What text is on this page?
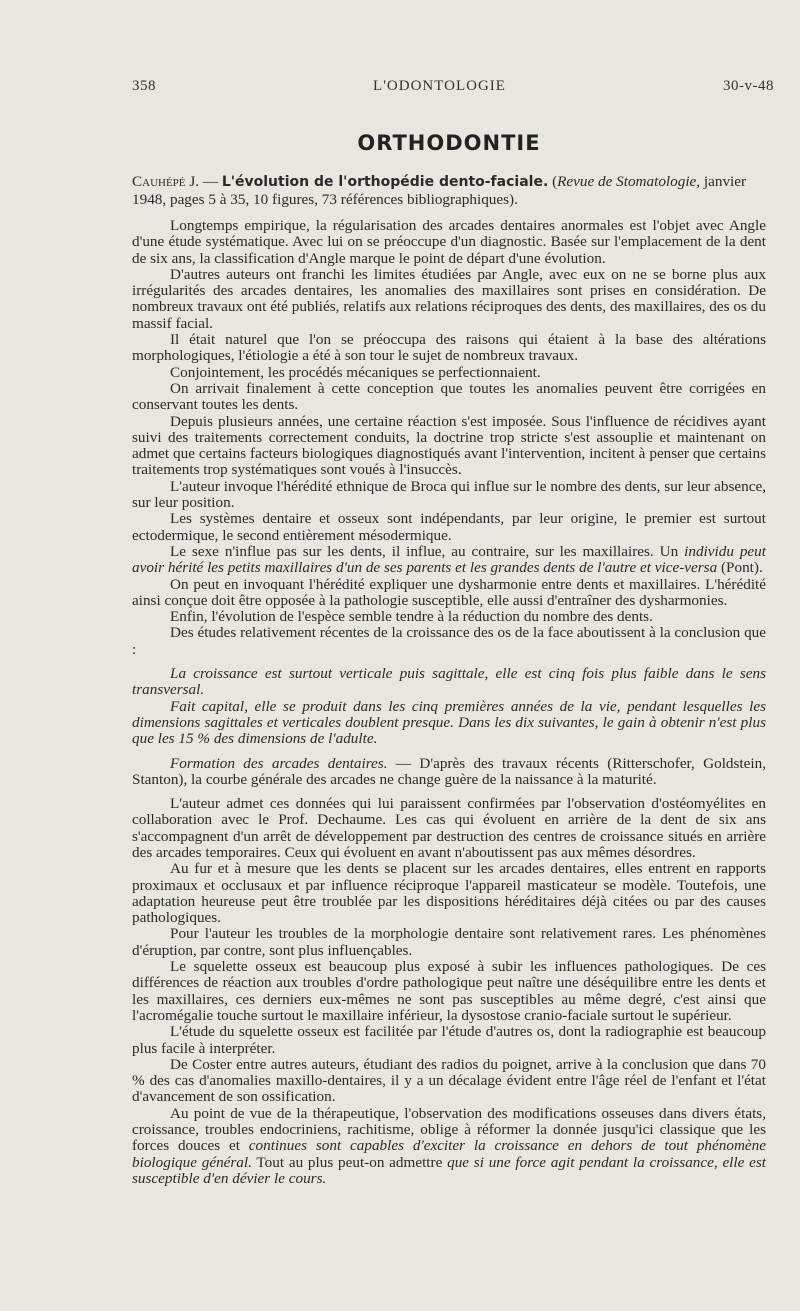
358	L'ODONTOLOGIE	30-v-48
ORTHODONTIE
Cauhépé J. — L'évolution de l'orthopédie dento-faciale. (Revue de Stomatologie, janvier 1948, pages 5 à 35, 10 figures, 73 références bibliographiques).

Longtemps empirique, la régularisation des arcades dentaires anormales est l'objet avec Angle d'une étude systématique. Avec lui on se préoccupe d'un diagnostic. Basée sur l'emplacement de la dent de six ans, la classification d'Angle marque le point de départ d'une évolution.

D'autres auteurs ont franchi les limites étudiées par Angle, avec eux on ne se borne plus aux irrégularités des arcades dentaires, les anomalies des maxillaires sont prises en considération. De nombreux travaux ont été publiés, relatifs aux relations réciproques des dents, des maxillaires, des os du massif facial.

Il était naturel que l'on se préoccupa des raisons qui étaient à la base des altérations morphologiques, l'étiologie a été à son tour le sujet de nombreux travaux.

Conjointement, les procédés mécaniques se perfectionnaient.

On arrivait finalement à cette conception que toutes les anomalies peuvent être corrigées en conservant toutes les dents.

Depuis plusieurs années, une certaine réaction s'est imposée. Sous l'influence de récidives ayant suivi des traitements correctement conduits, la doctrine trop stricte s'est assouplie et maintenant on admet que certains facteurs biologiques diagnostiqués avant l'intervention, incitent à penser que certains traitements trop systématiques sont voués à l'insuccès.

L'auteur invoque l'hérédité ethnique de Broca qui influe sur le nombre des dents, sur leur absence, sur leur position.

Les systèmes dentaire et osseux sont indépendants, par leur origine, le premier est surtout ectodermique, le second entièrement mésodermique.

Le sexe n'influe pas sur les dents, il influe, au contraire, sur les maxillaires. Un individu peut avoir hérité les petits maxillaires d'un de ses parents et les grandes dents de l'autre et vice-versa (Pont).

On peut en invoquant l'hérédité expliquer une dysharmonie entre dents et maxillaires. L'hérédité ainsi conçue doit être opposée à la pathologie susceptible, elle aussi d'entraîner des dysharmonies.

Enfin, l'évolution de l'espèce semble tendre à la réduction du nombre des dents.

Des études relativement récentes de la croissance des os de la face aboutissent à la conclusion que :

La croissance est surtout verticale puis sagittale, elle est cinq fois plus faible dans le sens transversal.

Fait capital, elle se produit dans les cinq premières années de la vie, pendant lesquelles les dimensions sagittales et verticales doublent presque. Dans les dix suivantes, le gain à obtenir n'est plus que les 15 % des dimensions de l'adulte.

Formation des arcades dentaires. — D'après des travaux récents (Ritterschofer, Goldstein, Stanton), la courbe générale des arcades ne change guère de la naissance à la maturité.

L'auteur admet ces données qui lui paraissent confirmées par l'observation d'ostéomyélites en collaboration avec le Prof. Dechaume. Les cas qui évoluent en arrière de la dent de six ans s'accompagnent d'un arrêt de développement par destruction des centres de croissance situés en arrière des arcades temporaires. Ceux qui évoluent en avant n'aboutissent pas aux mêmes désordres.

Au fur et à mesure que les dents se placent sur les arcades dentaires, elles entrent en rapports proximaux et occlusaux et par influence réciproque l'appareil masticateur se modèle. Toutefois, une adaptation heureuse peut être troublée par les dispositions héréditaires déjà citées ou par des causes pathologiques.

Pour l'auteur les troubles de la morphologie dentaire sont relativement rares. Les phénomènes d'éruption, par contre, sont plus influençables.

Le squelette osseux est beaucoup plus exposé à subir les influences pathologiques. De ces différences de réaction aux troubles d'ordre pathologique peut naître une déséquilibre entre les dents et les maxillaires, ces derniers eux-mêmes ne sont pas susceptibles au même degré, c'est ainsi que l'acromégalie touche surtout le maxillaire inférieur, la dysostose cranio-faciale surtout le supérieur.

L'étude du squelette osseux est facilitée par l'étude d'autres os, dont la radiographie est beaucoup plus facile à interpréter.

De Coster entre autres auteurs, étudiant des radios du poignet, arrive à la conclusion que dans 70 % des cas d'anomalies maxillo-dentaires, il y a un décalage évident entre l'âge réel de l'enfant et l'état d'avancement de son ossification.

Au point de vue de la thérapeutique, l'observation des modifications osseuses dans divers états, croissance, troubles endocriniens, rachitisme, oblige à réformer la donnée jusqu'ici classique que les forces douces et continues sont capables d'exciter la croissance en dehors de tout phénomène biologique général. Tout au plus peut-on admettre que si une force agit pendant la croissance, elle est susceptible d'en dévier le cours.
